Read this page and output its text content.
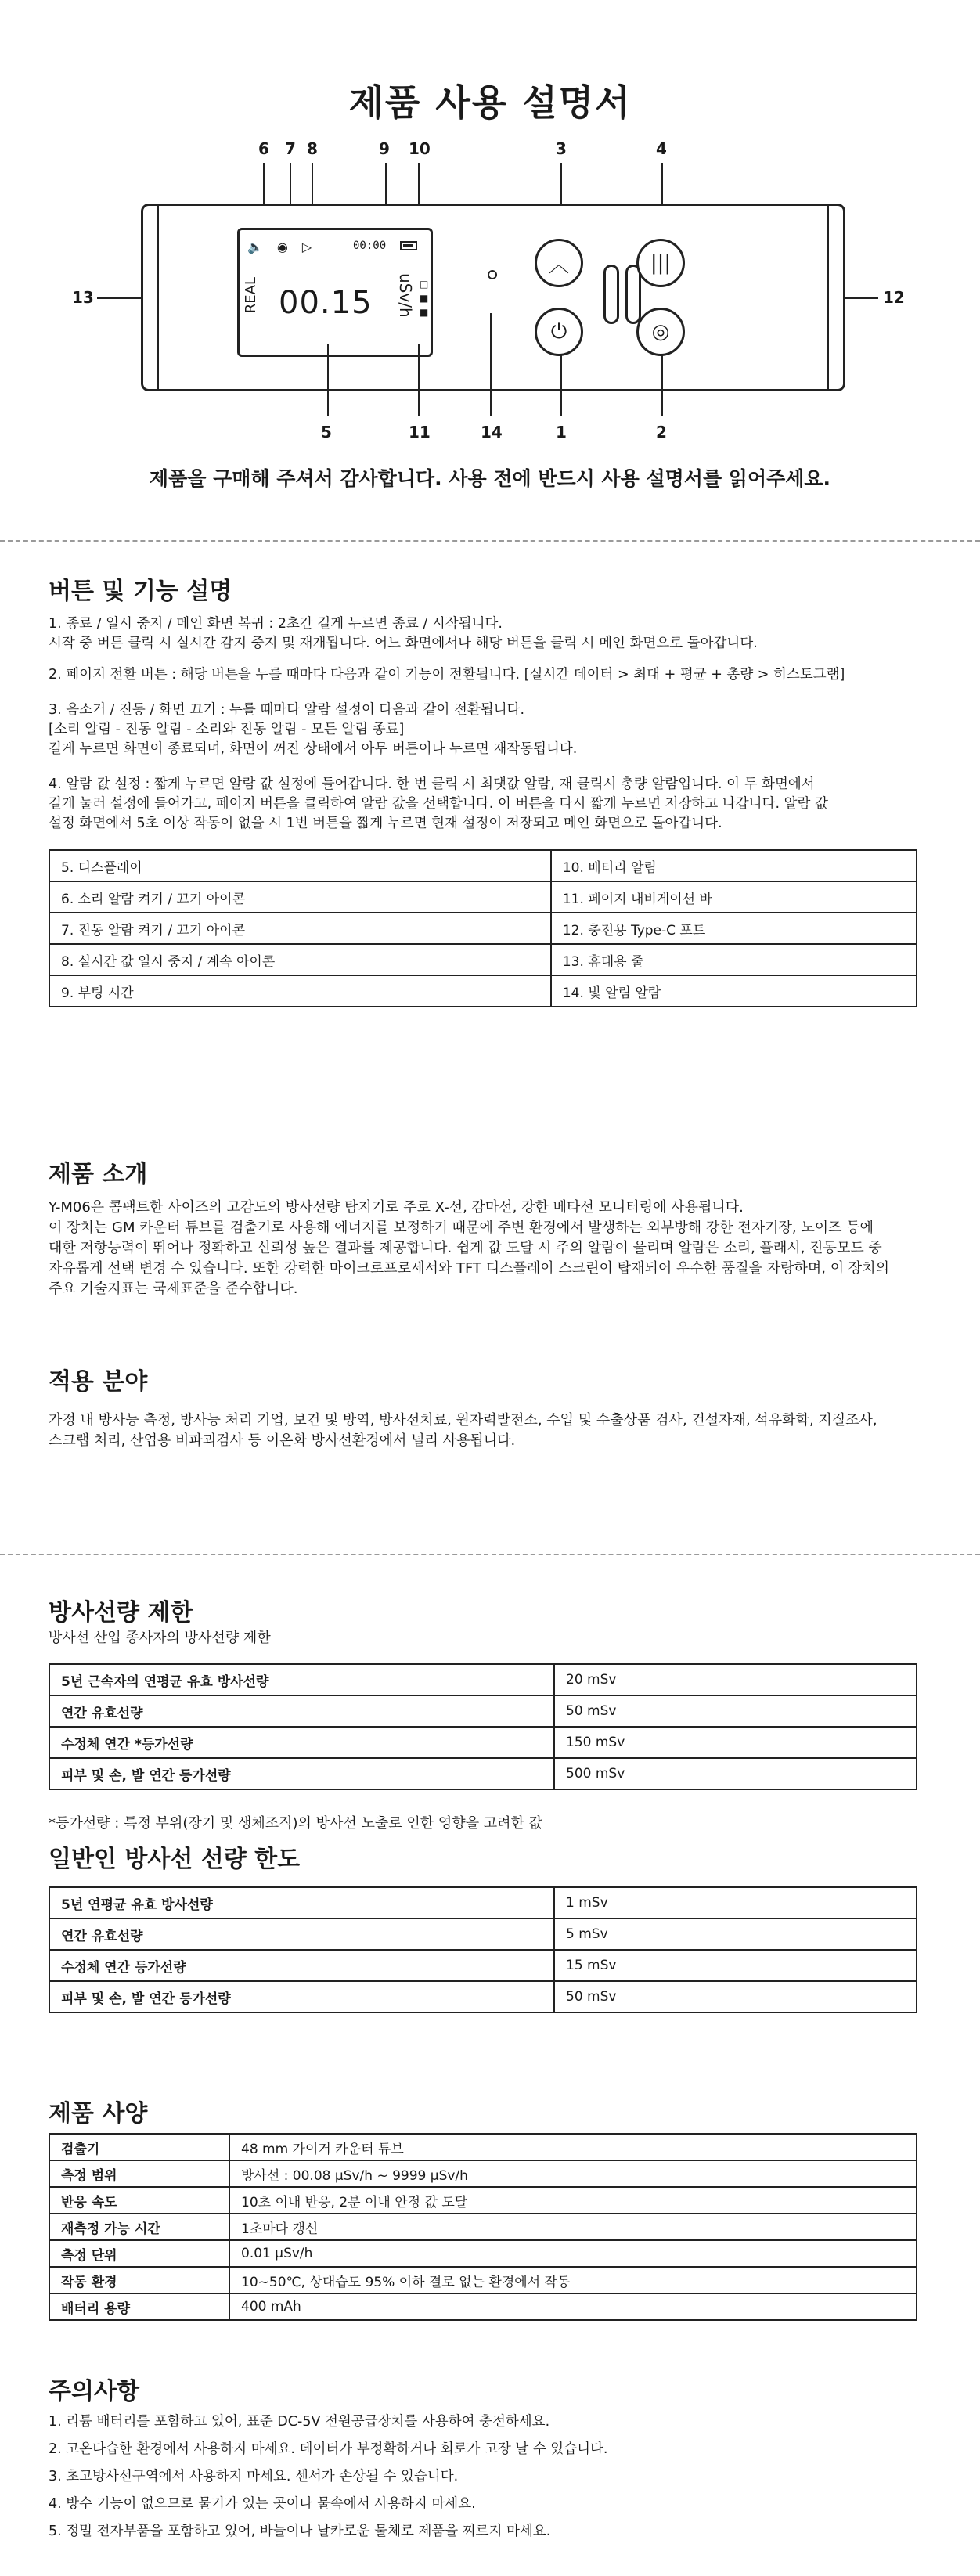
제품 사용 설명서
6 7 8	9 10	3	4
13	12
🔈 ◉ ▷	00:00
REAL 00.15 uSv/h □
■
■
︿
⏻
|||
◎
5	11	14	1	2
제품을 구매해 주셔서 감사합니다. 사용 전에 반드시 사용 설명서를 읽어주세요.
버튼 및 기능 설명
1. 종료 / 일시 중지 / 메인 화면 복귀 : 2초간 길게 누르면 종료 / 시작됩니다.
시작 중 버튼 클릭 시 실시간 감지 중지 및 재개됩니다. 어느 화면에서나 해당 버튼을 클릭 시 메인 화면으로 돌아갑니다.
2. 페이지 전환 버튼 : 해당 버튼을 누를 때마다 다음과 같이 기능이 전환됩니다. [실시간 데이터 > 최대 + 평균 + 총량 > 히스토그램]
3. 음소거 / 진동 / 화면 끄기 : 누를 때마다 알람 설정이 다음과 같이 전환됩니다.
[소리 알림 - 진동 알림 - 소리와 진동 알림 - 모든 알림 종료]
길게 누르면 화면이 종료되며, 화면이 꺼진 상태에서 아무 버튼이나 누르면 재작동됩니다.
4. 알람 값 설정 : 짧게 누르면 알람 값 설정에 들어갑니다. 한 번 클릭 시 최댓값 알람, 재 클릭시 총량 알람입니다. 이 두 화면에서
길게 눌러 설정에 들어가고, 페이지 버튼을 클릭하여 알람 값을 선택합니다. 이 버튼을 다시 짧게 누르면 저장하고 나갑니다. 알람 값
설정 화면에서 5초 이상 작동이 없을 시 1번 버튼을 짧게 누르면 현재 설정이 저장되고 메인 화면으로 돌아갑니다.
5. 디스플레이	10. 배터리 알림
6. 소리 알람 켜기 / 끄기 아이콘	11. 페이지 내비게이션 바
7. 진동 알람 켜기 / 끄기 아이콘	12. 충전용 Type-C 포트
8. 실시간 값 일시 중지 / 계속 아이콘	13. 휴대용 줄
9. 부팅 시간	14. 빛 알림 알람
제품 소개
Y-M06은 콤팩트한 사이즈의 고감도의 방사선량 탐지기로 주로 X-선, 감마선, 강한 베타선 모니터링에 사용됩니다.
이 장치는 GM 카운터 튜브를 검출기로 사용해 에너지를 보정하기 때문에 주변 환경에서 발생하는 외부방해 강한 전자기장, 노이즈 등에
대한 저항능력이 뛰어나 정확하고 신뢰성 높은 결과를 제공합니다. 쉽게 값 도달 시 주의 알람이 울리며 알람은 소리, 플래시, 진동모드 중
자유롭게 선택 변경 수 있습니다. 또한 강력한 마이크로프로세서와 TFT 디스플레이 스크린이 탑재되어 우수한 품질을 자랑하며, 이 장치의
주요 기술지표는 국제표준을 준수합니다.
적용 분야
가정 내 방사능 측정, 방사능 처리 기업, 보건 및 방역, 방사선치료, 원자력발전소, 수입 및 수출상품 검사, 건설자재, 석유화학, 지질조사,
스크랩 처리, 산업용 비파괴검사 등 이온화 방사선환경에서 널리 사용됩니다.
방사선량 제한
방사선 산업 종사자의 방사선량 제한
5년 근속자의 연평균 유효 방사선량	20 mSv
연간 유효선량	50 mSv
수정체 연간 *등가선량	150 mSv
피부 및 손, 발 연간 등가선량	500 mSv
*등가선량 : 특정 부위(장기 및 생체조직)의 방사선 노출로 인한 영향을 고려한 값
일반인 방사선 선량 한도
5년 연평균 유효 방사선량	1 mSv
연간 유효선량	5 mSv
수정체 연간 등가선량	15 mSv
피부 및 손, 발 연간 등가선량	50 mSv
제품 사양
검출기	48 mm 가이거 카운터 튜브
측정 범위	방사선 : 00.08 μSv/h ~ 9999 μSv/h
반응 속도	10초 이내 반응, 2분 이내 안정 값 도달
재측정 가능 시간	1초마다 갱신
측정 단위	0.01 μSv/h
작동 환경	10~50℃, 상대습도 95% 이하 결로 없는 환경에서 작동
배터리 용량	400 mAh
주의사항
1. 리튬 배터리를 포함하고 있어, 표준 DC-5V 전원공급장치를 사용하여 충전하세요.
2. 고온다습한 환경에서 사용하지 마세요. 데이터가 부정확하거나 회로가 고장 날 수 있습니다.
3. 초고방사선구역에서 사용하지 마세요. 센서가 손상될 수 있습니다.
4. 방수 기능이 없으므로 물기가 있는 곳이나 물속에서 사용하지 마세요.
5. 정밀 전자부품을 포함하고 있어, 바늘이나 날카로운 물체로 제품을 찌르지 마세요.
